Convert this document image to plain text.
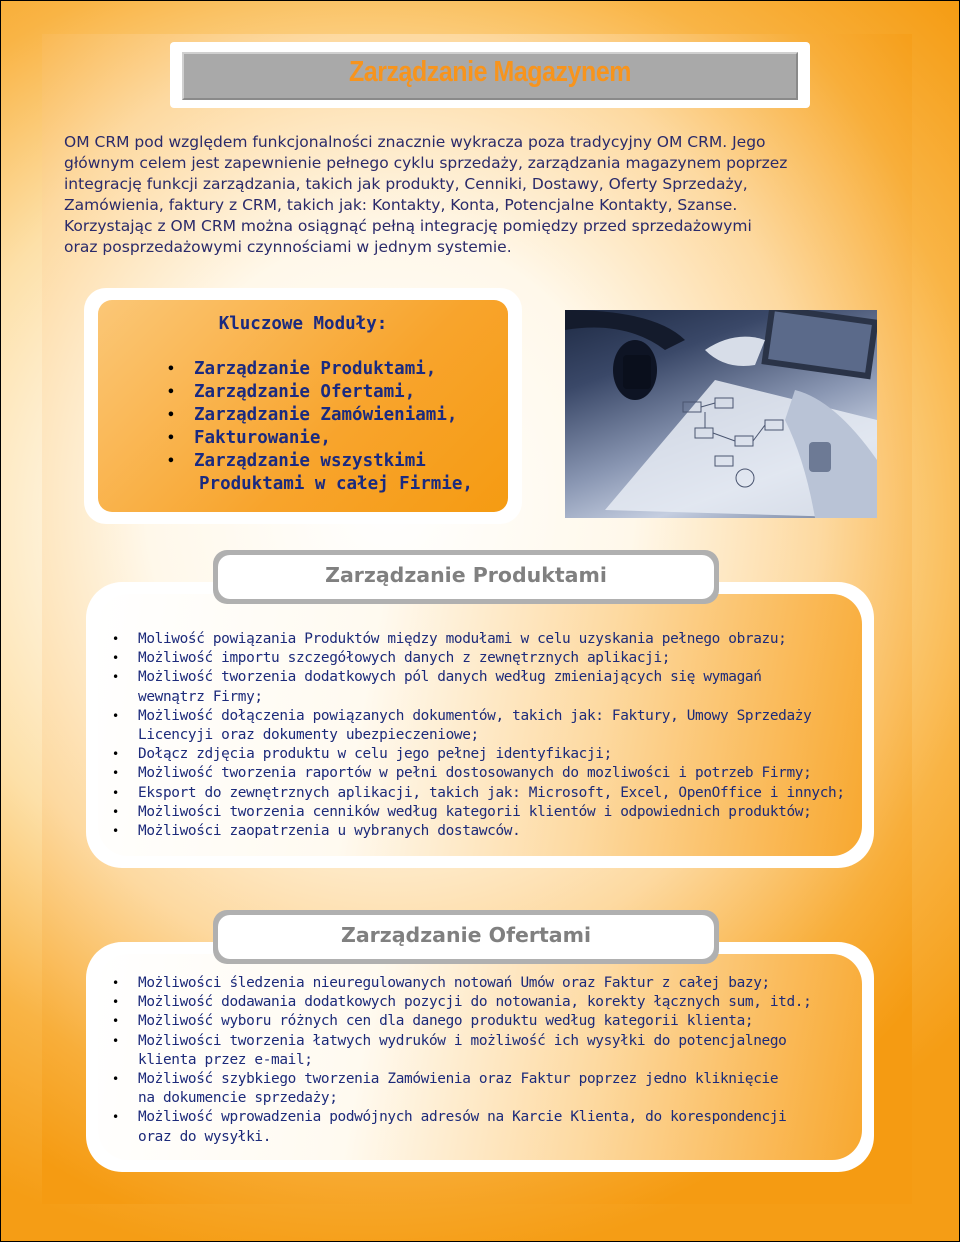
Zarządzanie Magazynem

OM CRM pod względem funkcjonalności znacznie wykracza poza tradycyjny OM CRM. Jego

głównym celem jest zapewnienie pełnego cyklu sprzedaży, zarządzania magazynem poprzez

integrację funkcji zarządzania, takich jak produkty, Cenniki, Dostawy, Oferty Sprzedaży,

Zamówienia, faktury z CRM, takich jak: Kontakty, Konta, Potencjalne Kontakty, Szanse.

Korzystając z OM CRM można osiągnąć pełną integrację pomiędzy przed sprzedażowymi

oraz posprzedażowymi czynnościami w jednym systemie.

Kluczowe Moduły:
• Zarządzanie Produktami,
• Zarządzanie Ofertami,
• Zarządzanie Zamówieniami,
• Fakturowanie,
• Zarządzanie wszystkimi
Produktami w całej Firmie,
Zarządzanie Produktami
• Moliwość powiązania Produktów między modułami w celu uzyskania pełnego obrazu;
• Możliwość importu szczegółowych danych z zewnętrznych aplikacji;
• Możliwość tworzenia dodatkowych pól danych według zmieniających się wymagań
wewnątrz Firmy;
• Możliwość dołączenia powiązanych dokumentów, takich jak: Faktury, Umowy Sprzedaży
Licencyji oraz dokumenty ubezpieczeniowe;
• Dołącz zdjęcia produktu w celu jego pełnej identyfikacji;
• Możliwość tworzenia raportów w pełni dostosowanych do mozliwości i potrzeb Firmy;
• Eksport do zewnętrznych aplikacji, takich jak: Microsoft, Excel, OpenOffice i innych;
• Możliwości tworzenia cenników według kategorii klientów i odpowiednich produktów;
• Możliwości zaopatrzenia u wybranych dostawców.
Zarządzanie Ofertami
• Możliwości śledzenia nieuregulowanych notowań Umów oraz Faktur z całej bazy;
• Możliwość dodawania dodatkowych pozycji do notowania, korekty łącznych sum, itd.;
• Możliwość wyboru różnych cen dla danego produktu według kategorii klienta;
• Możliwości tworzenia łatwych wydruków i możliwość ich wysyłki do potencjalnego
klienta przez e-mail;
• Możliwość szybkiego tworzenia Zamówienia oraz Faktur poprzez jedno kliknięcie
na dokumencie sprzedaży;
• Możliwość wprowadzenia podwójnych adresów na Karcie Klienta, do korespondencji
oraz do wysyłki.
